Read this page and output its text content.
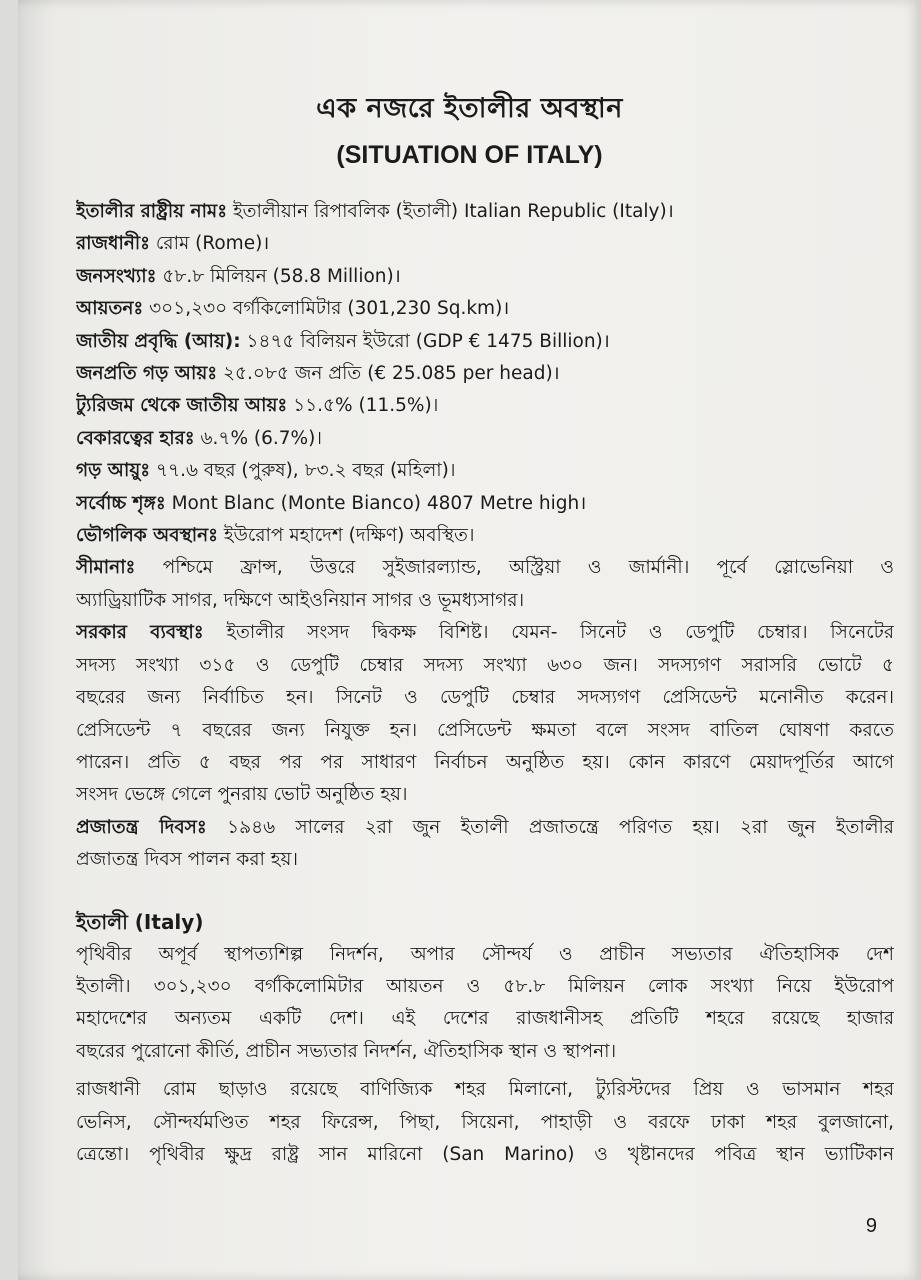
এক নজরে ইতালীর অবস্থান
(SITUATION OF ITALY)
ইতালীর রাষ্ট্রীয় নামঃ ইতালীয়ান রিপাবলিক (ইতালী) Italian Republic (Italy)।
রাজধানীঃ রোম (Rome)।
জনসংখ্যাঃ ৫৮.৮ মিলিয়ন (58.8 Million)।
আয়তনঃ ৩০১,২৩০ বর্গকিলোমিটার (301,230 Sq.km)।
জাতীয় প্রবৃদ্ধি (আয়): ১৪৭৫ বিলিয়ন ইউরো (GDP € 1475 Billion)।
জনপ্রতি গড় আয়ঃ ২৫.০৮৫ জন প্রতি (€ 25.085 per head)।
ট্যুরিজম থেকে জাতীয় আয়ঃ ১১.৫% (11.5%)।
বেকারত্বের হারঃ ৬.৭% (6.7%)।
গড় আয়ুঃ ৭৭.৬ বছর (পুরুষ), ৮৩.২ বছর (মহিলা)।
সর্বোচ্চ শৃঙ্গঃ Mont Blanc (Monte Bianco) 4807 Metre high।
ভৌগলিক অবস্থানঃ ইউরোপ মহাদেশ (দক্ষিণ) অবস্থিত।
সীমানাঃ পশ্চিমে ফ্রান্স, উত্তরে সুইজারল্যান্ড, অস্ট্রিয়া ও জার্মানী। পূর্বে স্লোভেনিয়া ও
অ্যাড্রিয়াটিক সাগর, দক্ষিণে আইওনিয়ান সাগর ও ভূমধ্যসাগর।
সরকার ব্যবস্থাঃ ইতালীর সংসদ দ্বিকক্ষ বিশিষ্ট। যেমন- সিনেট ও ডেপুটি চেম্বার। সিনেটের
সদস্য সংখ্যা ৩১৫ ও ডেপুটি চেম্বার সদস্য সংখ্যা ৬৩০ জন। সদস্যগণ সরাসরি ভোটে ৫
বছরের জন্য নির্বাচিত হন। সিনেট ও ডেপুটি চেম্বার সদস্যগণ প্রেসিডেন্ট মনোনীত করেন।
প্রেসিডেন্ট ৭ বছরের জন্য নিযুক্ত হন। প্রেসিডেন্ট ক্ষমতা বলে সংসদ বাতিল ঘোষণা করতে
পারেন। প্রতি ৫ বছর পর পর সাধারণ নির্বাচন অনুষ্ঠিত হয়। কোন কারণে মেয়াদপূর্তির আগে
সংসদ ভেঙ্গে গেলে পুনরায় ভোট অনুষ্ঠিত হয়।
প্রজাতন্ত্র দিবসঃ ১৯৪৬ সালের ২রা জুন ইতালী প্রজাতন্ত্রে পরিণত হয়। ২রা জুন ইতালীর
প্রজাতন্ত্র দিবস পালন করা হয়।
ইতালী (Italy)
পৃথিবীর অপূর্ব স্থাপত্যশিল্প নিদর্শন, অপার সৌন্দর্য ও প্রাচীন সভ্যতার ঐতিহাসিক দেশ
ইতালী। ৩০১,২৩০ বর্গকিলোমিটার আয়তন ও ৫৮.৮ মিলিয়ন লোক সংখ্যা নিয়ে ইউরোপ
মহাদেশের অন্যতম একটি দেশ। এই দেশের রাজধানীসহ প্রতিটি শহরে রয়েছে হাজার
বছরের পুরোনো কীর্তি, প্রাচীন সভ্যতার নিদর্শন, ঐতিহাসিক স্থান ও স্থাপনা।
রাজধানী রোম ছাড়াও রয়েছে বাণিজ্যিক শহর মিলানো, ট্যুরিস্টদের প্রিয় ও ভাসমান শহর
ভেনিস, সৌন্দর্যমণ্ডিত শহর ফিরেন্স, পিছা, সিয়েনা, পাহাড়ী ও বরফে ঢাকা শহর বুলজানো,
ত্রেন্তো। পৃথিবীর ক্ষুদ্র রাষ্ট্র সান মারিনো (San Marino) ও খৃষ্টানদের পবিত্র স্থান ভ্যাটিকান
9
